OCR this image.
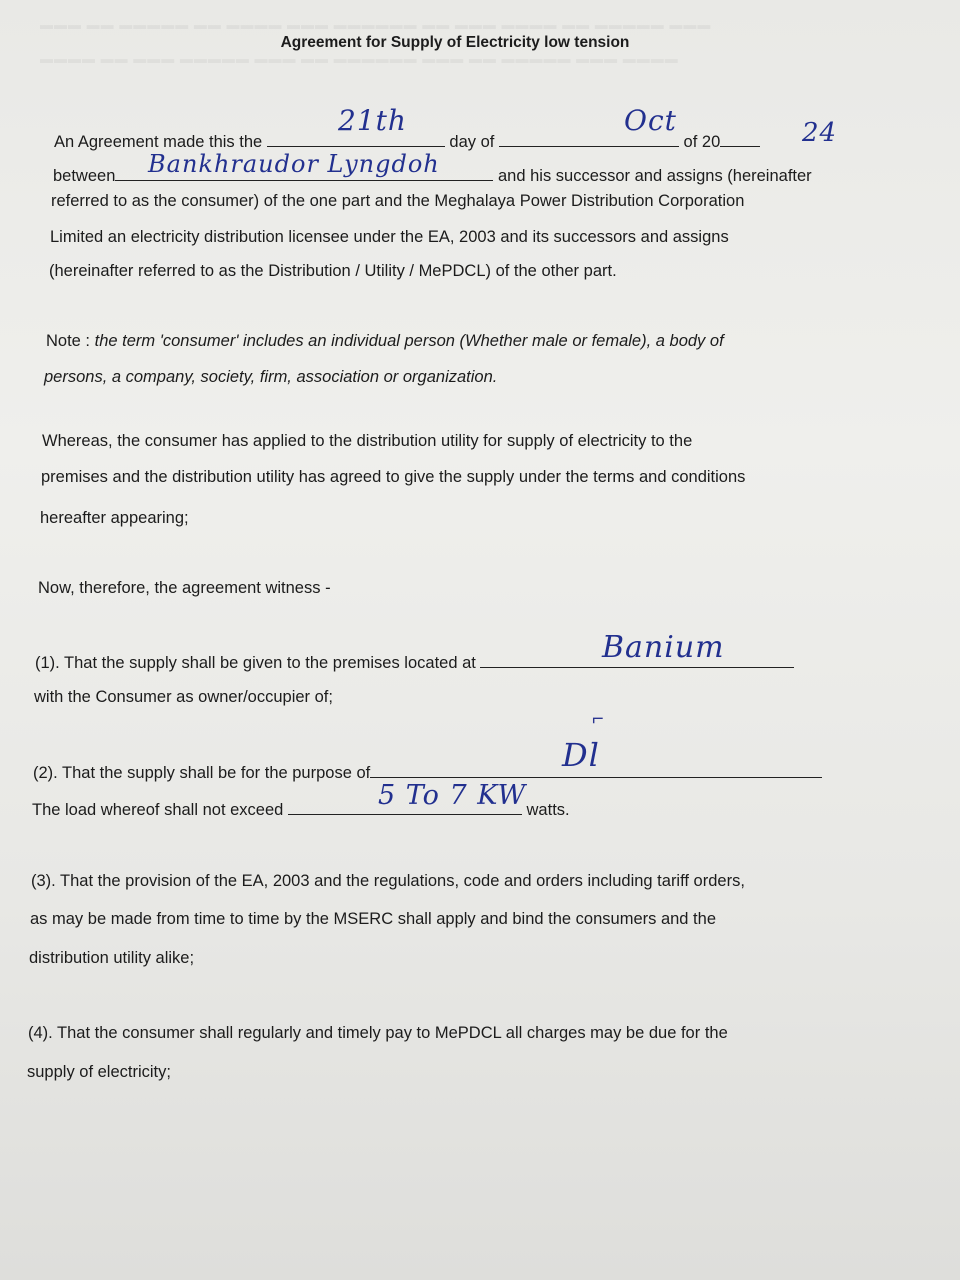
Agreement for Supply of Electricity low tension
An Agreement made this the	day of	of 20
21th	Oct	24
between	and his successor and assigns (hereinafter
Bankhraudor Lyngdoh
referred to as the consumer) of the one part and the Meghalaya Power Distribution Corporation
Limited an electricity distribution licensee under the EA, 2003 and its successors and assigns
(hereinafter referred to as the Distribution / Utility / MePDCL) of the other part.
Note : the term 'consumer' includes an individual person (Whether male or female), a body of
persons, a company, society, firm, association or organization.
Whereas, the consumer has applied to the distribution utility for supply of electricity to the
premises and the distribution utility has agreed to give the supply under the terms and conditions
hereafter appearing;
Now, therefore, the agreement witness -
(1). That the supply shall be given to the premises located at	Banium
with the Consumer as owner/occupier of;
(2). That the supply shall be for the purpose of
⌐
Dl
The load whereof shall not exceed	watts.
5 To 7 KW
(3). That the provision of the EA, 2003 and the regulations, code and orders including tariff orders,
as may be made from time to time by the MSERC shall apply and bind the consumers and the
distribution utility alike;
(4). That the consumer shall regularly and timely pay to MePDCL all charges may be due for the
supply of electricity;
